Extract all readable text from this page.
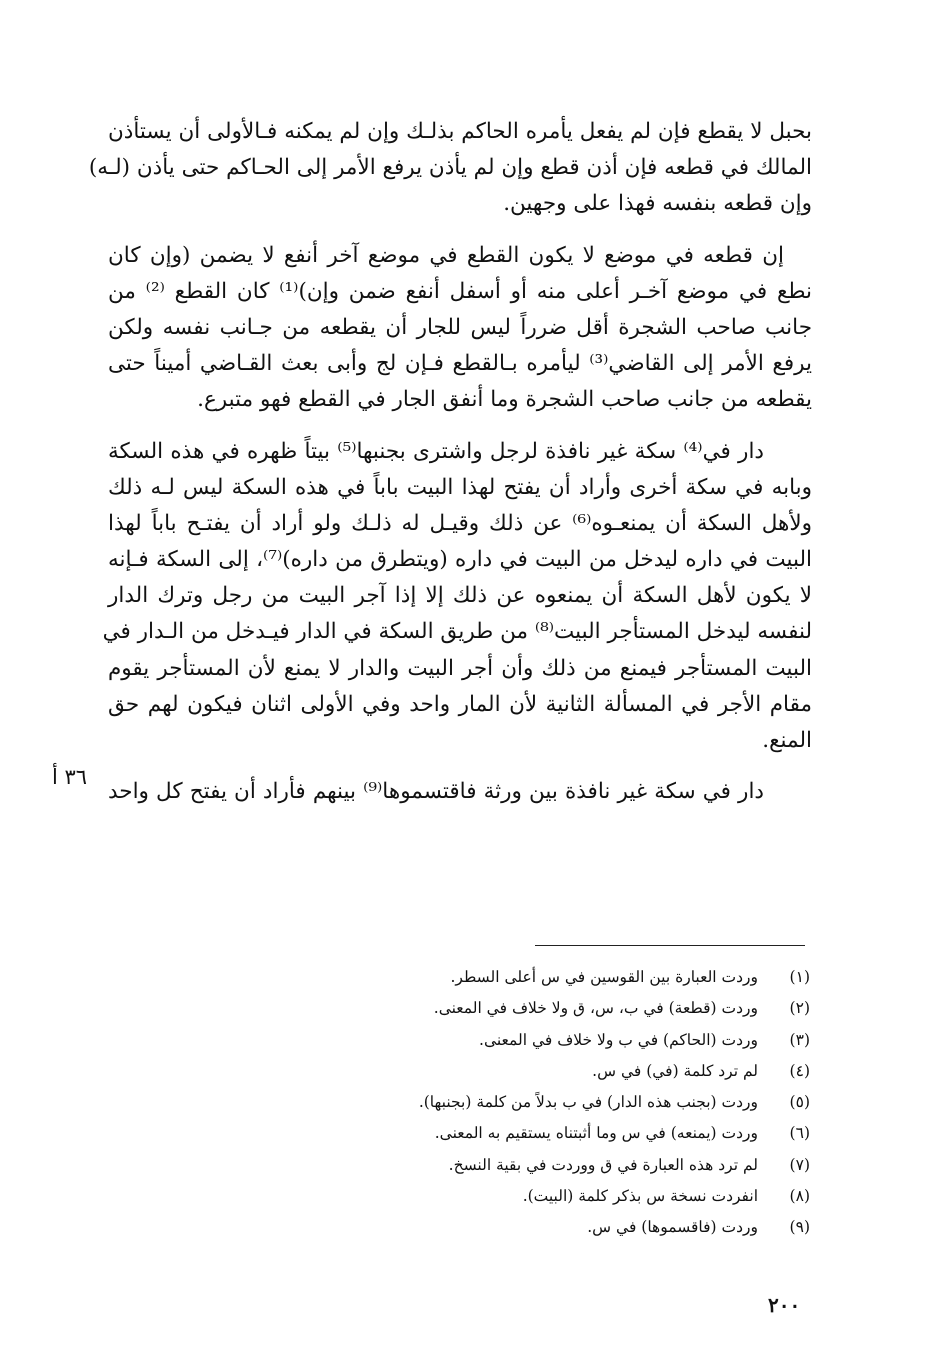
بحبل لا يقطع فإن لم يفعل يأمره الحاكم بذلـك وإن لم يمكنه فـالأولى أن يستأذن
المالك في قطعه فإن أذن قطع وإن لم يأذن يرفع الأمر إلى الحـاكم حتى يأذن (لـه)
وإن قطعه بنفسه فهذا على وجهين.
إن قطعه في موضع لا يكون القطع في موضع آخر أنفع لا يضمن (وإن كان
نطع في موضع آخـر أعلى منه أو أسفل أنفع ضمن وإن)⁽¹⁾ كان القطع ⁽²⁾ من
جانب صاحب الشجرة أقل ضرراً ليس للجار أن يقطعه من جـانب نفسه ولكن
يرفع الأمر إلى القاضي⁽³⁾ ليأمره بـالقطع فـإن لج وأبى بعث القـاضي أميناً حتى
يقطعه من جانب صاحب الشجرة وما أنفق الجار في القطع فهو متبرع.
دار في⁽⁴⁾ سكة غير نافذة لرجل واشترى بجنبها⁽⁵⁾ بيتاً ظهره في هذه السكة
وبابه في سكة أخرى وأراد أن يفتح لهذا البيت باباً في هذه السكة ليس لـه ذلك
ولأهل السكة أن يمنعـوه⁽⁶⁾ عن ذلك وقيـل له ذلـك ولو أراد أن يفتـح باباً لهذا
البيت في داره ليدخل من البيت في داره (ويتطرق من داره)⁽⁷⁾، إلى السكة فـإنه
لا يكون لأهل السكة أن يمنعوه عن ذلك إلا إذا آجر البيت من رجل وترك الدار
لنفسه ليدخل المستأجر البيت⁽⁸⁾ من طريق السكة في الدار فيـدخل من الـدار في
البيت المستأجر فيمنع من ذلك وأن أجر البيت والدار لا يمنع لأن المستأجر يقوم
مقام الأجر في المسألة الثانية لأن المار واحد وفي الأولى اثنان فيكون لهم حق
المنع.
دار في سكة غير نافذة بين ورثة فاقتسموها⁽⁹⁾ بينهم فأراد أن يفتح كل واحد
٣٦ أ
(١)
وردت العبارة بين القوسين في س أعلى السطر.
(٢)
وردت (قطعة) في ب، س، ق ولا خلاف في المعنى.
(٣)
وردت (الحاكم) في ب ولا خلاف في المعنى.
(٤)
لم ترد كلمة (في) في س.
(٥)
وردت (بجنب هذه الدار) في ب بدلاً من كلمة (بجنبها).
(٦)
وردت (يمنعه) في س وما أثبتناه يستقيم به المعنى.
(٧)
لم ترد هذه العبارة في ق ووردت في بقية النسخ.
(٨)
انفردت نسخة س بذكر كلمة (البيت).
(٩)
وردت (فاقسموها) في س.
٢٠٠
